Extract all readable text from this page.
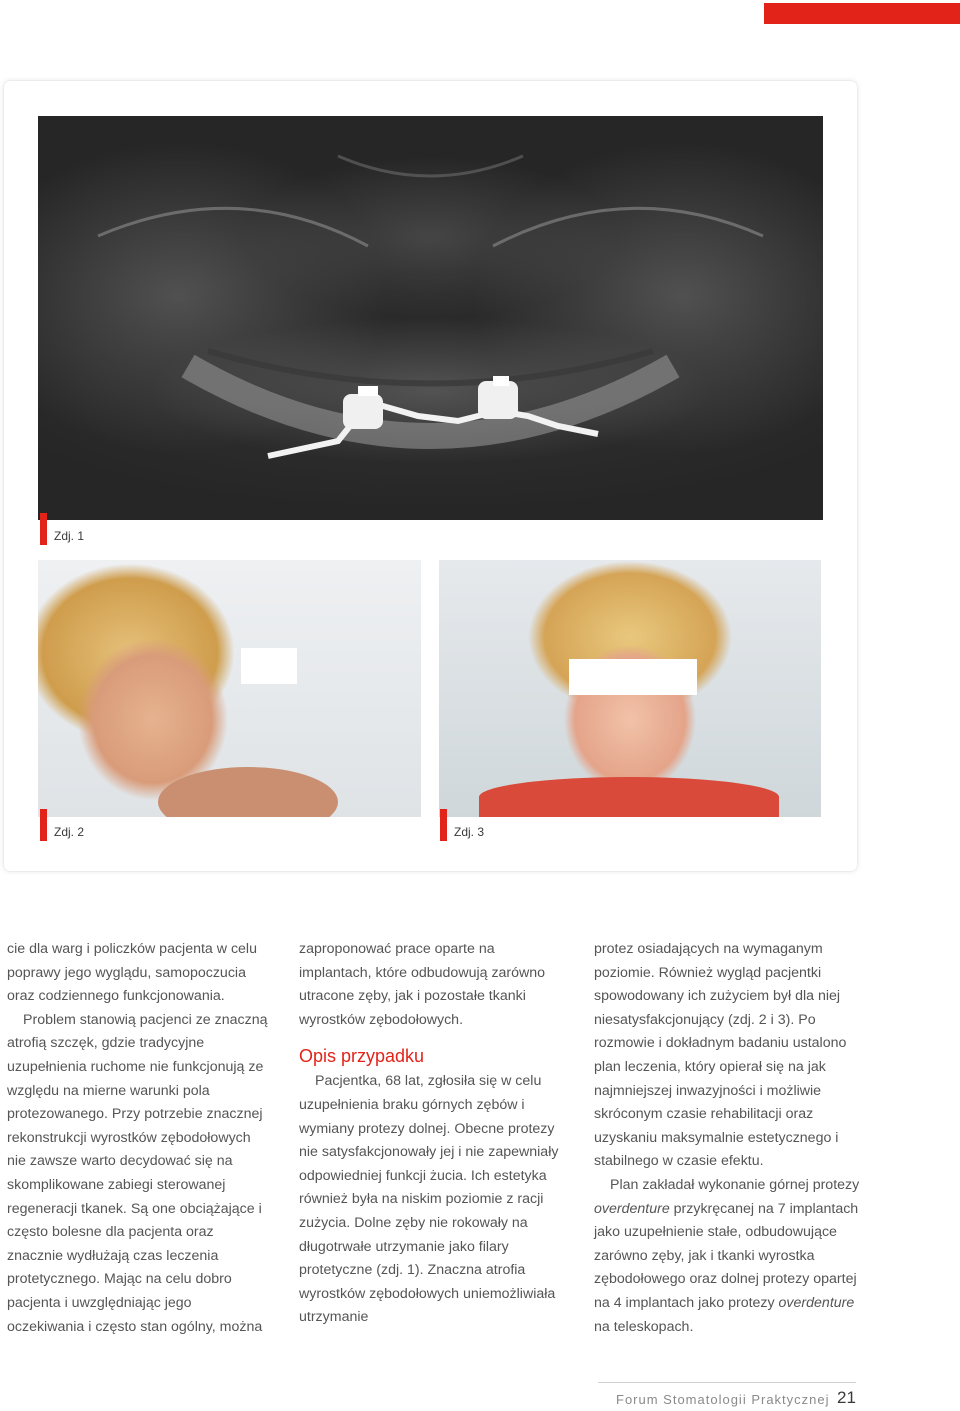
Zdj. 1
Zdj. 2	Zdj. 3

cie dla warg i policzków pacjenta w celu poprawy jego wyglądu, samopoczucia oraz codziennego funkcjonowania.

Problem stanowią pacjenci ze znaczną atrofią szczęk, gdzie tradycyjne uzupełnienia ruchome nie funkcjonują ze względu na mierne warunki pola protezowanego. Przy potrzebie znacznej rekonstrukcji wyrostków zębodołowych nie zawsze warto decydować się na skomplikowane zabiegi sterowanej regeneracji tkanek. Są one obciążające i często bolesne dla pacjenta oraz znacznie wydłużają czas leczenia protetycznego. Mając na celu dobro pacjenta i uwzględniając jego oczekiwania i często stan ogólny, można

zaproponować prace oparte na implantach, które odbudowują zarówno utracone zęby, jak i pozostałe tkanki wyrostków zębodołowych.

Opis przypadku

Pacjentka, 68 lat, zgłosiła się w celu uzupełnienia braku górnych zębów i wymiany protezy dolnej. Obecne protezy nie satysfakcjonowały jej i nie zapewniały odpowiedniej funkcji żucia. Ich estetyka również była na niskim poziomie z racji zużycia. Dolne zęby nie rokowały na długotrwałe utrzymanie jako filary protetyczne (zdj. 1). Znaczna atrofia wyrostków zębodołowych uniemożliwiała utrzymanie

protez osiadających na wymaganym poziomie. Również wygląd pacjentki spowodowany ich zużyciem był dla niej niesatysfakcjonujący (zdj. 2 i 3). Po rozmowie i dokładnym badaniu ustalono plan leczenia, który opierał się na jak najmniejszej inwazyjności i możliwie skróconym czasie rehabilitacji oraz uzyskaniu maksymalnie estetycznego i stabilnego w czasie efektu.

Plan zakładał wykonanie górnej protezy overdenture przykręcanej na 7 implantach jako uzupełnienie stałe, odbudowujące zarówno zęby, jak i tkanki wyrostka zębodołowego oraz dolnej protezy opartej na 4 implantach jako protezy overdenture na teleskopach.

Forum Stomatologii Praktycznej 21
